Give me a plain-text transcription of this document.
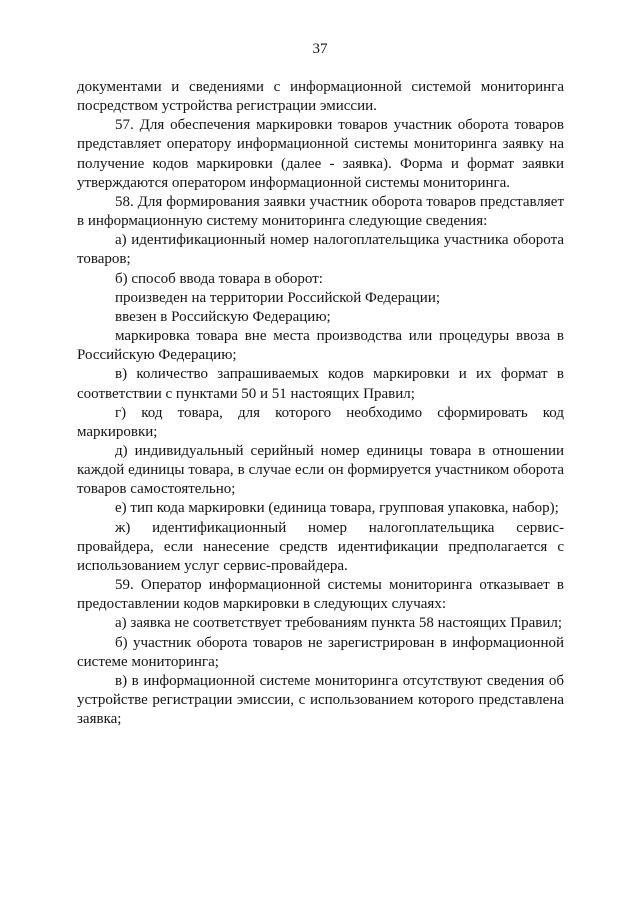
37

документами и сведениями с информационной системой мониторинга посредством устройства регистрации эмиссии.

57. Для обеспечения маркировки товаров участник оборота товаров представляет оператору информационной системы мониторинга заявку на получение кодов маркировки (далее - заявка). Форма и формат заявки утверждаются оператором информационной системы мониторинга.

58. Для формирования заявки участник оборота товаров представляет в информационную систему мониторинга следующие сведения:

а) идентификационный номер налогоплательщика участника оборота товаров;

б) способ ввода товара в оборот:

произведен на территории Российской Федерации;

ввезен в Российскую Федерацию;

маркировка товара вне места производства или процедуры ввоза в Российскую Федерацию;

в) количество запрашиваемых кодов маркировки и их формат в соответствии с пунктами 50 и 51 настоящих Правил;

г) код товара, для которого необходимо сформировать код маркировки;

д) индивидуальный серийный номер единицы товара в отношении каждой единицы товара, в случае если он формируется участником оборота товаров самостоятельно;

е) тип кода маркировки (единица товара, групповая упаковка, набор);

ж) идентификационный номер налогоплательщика сервис-провайдера, если нанесение средств идентификации предполагается с использованием услуг сервис-провайдера.

59. Оператор информационной системы мониторинга отказывает в предоставлении кодов маркировки в следующих случаях:

а) заявка не соответствует требованиям пункта 58 настоящих Правил;

б) участник оборота товаров не зарегистрирован в информационной системе мониторинга;

в) в информационной системе мониторинга отсутствуют сведения об устройстве регистрации эмиссии, с использованием которого представлена заявка;
